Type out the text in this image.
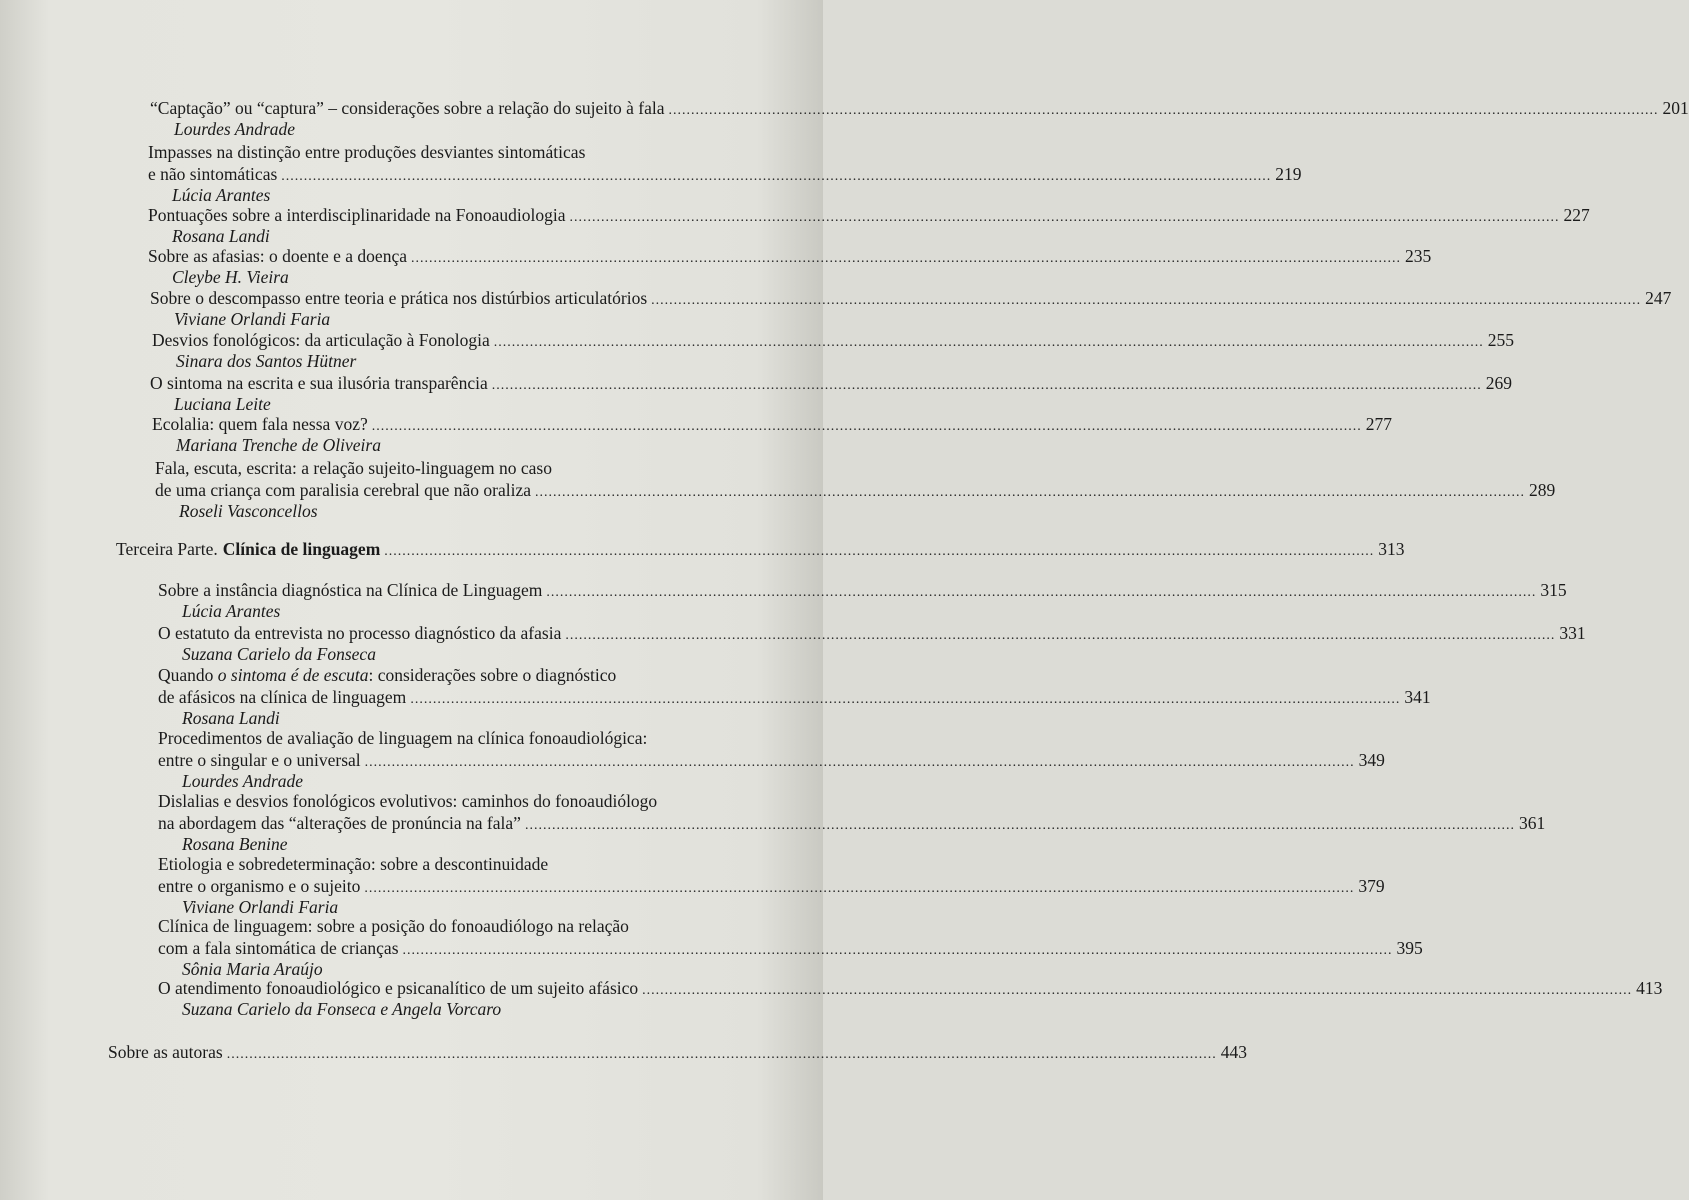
“Captação” ou “captura” – considerações sobre a relação do sujeito à fala ............................................................................................................................................................................................................................ 201
Lourdes Andrade
Impasses na distinção entre produções desviantes sintomáticas
e não sintomáticas ............................................................................................................................................................................................................................ 219
Lúcia Arantes
Pontuações sobre a interdisciplinaridade na Fonoaudiologia ............................................................................................................................................................................................................................ 227
Rosana Landi
Sobre as afasias: o doente e a doença ............................................................................................................................................................................................................................ 235
Cleybe H. Vieira
Sobre o descompasso entre teoria e prática nos distúrbios articulatórios ............................................................................................................................................................................................................................ 247
Viviane Orlandi Faria
Desvios fonológicos: da articulação à Fonologia ............................................................................................................................................................................................................................ 255
Sinara dos Santos Hütner
O sintoma na escrita e sua ilusória transparência ............................................................................................................................................................................................................................ 269
Luciana Leite
Ecolalia: quem fala nessa voz? ............................................................................................................................................................................................................................ 277
Mariana Trenche de Oliveira
Fala, escuta, escrita: a relação sujeito-linguagem no caso
de uma criança com paralisia cerebral que não oraliza ............................................................................................................................................................................................................................ 289
Roseli Vasconcellos
Terceira Parte. Clínica de linguagem ............................................................................................................................................................................................................................ 313
Sobre a instância diagnóstica na Clínica de Linguagem ............................................................................................................................................................................................................................ 315
Lúcia Arantes
O estatuto da entrevista no processo diagnóstico da afasia ............................................................................................................................................................................................................................ 331
Suzana Carielo da Fonseca
Quando o sintoma é de escuta: considerações sobre o diagnóstico
de afásicos na clínica de linguagem ............................................................................................................................................................................................................................ 341
Rosana Landi
Procedimentos de avaliação de linguagem na clínica fonoaudiológica:
entre o singular e o universal ............................................................................................................................................................................................................................ 349
Lourdes Andrade
Dislalias e desvios fonológicos evolutivos: caminhos do fonoaudiólogo
na abordagem das “alterações de pronúncia na fala” ............................................................................................................................................................................................................................ 361
Rosana Benine
Etiologia e sobredeterminação: sobre a descontinuidade
entre o organismo e o sujeito ............................................................................................................................................................................................................................ 379
Viviane Orlandi Faria
Clínica de linguagem: sobre a posição do fonoaudiólogo na relação
com a fala sintomática de crianças ............................................................................................................................................................................................................................ 395
Sônia Maria Araújo
O atendimento fonoaudiológico e psicanalítico de um sujeito afásico ............................................................................................................................................................................................................................ 413
Suzana Carielo da Fonseca e Angela Vorcaro
Sobre as autoras ............................................................................................................................................................................................................................ 443
